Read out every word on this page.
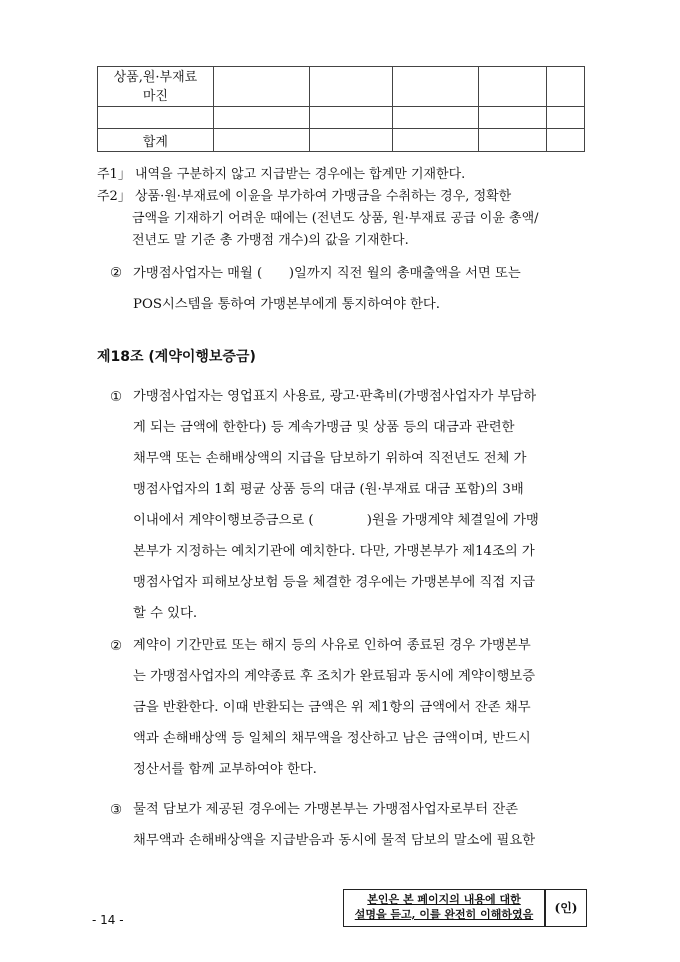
상품,원·부재료
마진					

합계					
주1」 내역을 구분하지 않고 지급받는 경우에는 합계만 기재한다.
주2」 상품·원·부재료에 이윤을 부가하여 가맹금을 수취하는 경우, 정확한
금액을 기재하기 어려운 때에는 (전년도 상품, 원·부재료 공급 이윤 총액/
전년도 말 기준 총 가맹점 개수)의 값을 기재한다.
② 가맹점사업자는 매월 (　　)일까지 직전 월의 총매출액을 서면 또는
POS시스템을 통하여 가맹본부에게 통지하여야 한다.
제18조 (계약이행보증금)
① 가맹점사업자는 영업표지 사용료, 광고·판촉비(가맹점사업자가 부담하
게 되는 금액에 한한다) 등 계속가맹금 및 상품 등의 대금과 관련한
채무액 또는 손해배상액의 지급을 담보하기 위하여 직전년도 전체 가
맹점사업자의 1회 평균 상품 등의 대금 (원·부재료 대금 포함)의 3배
이내에서 계약이행보증금으로 (　　　　)원을 가맹계약 체결일에 가맹
본부가 지정하는 예치기관에 예치한다. 다만, 가맹본부가 제14조의 가
맹점사업자 피해보상보험 등을 체결한 경우에는 가맹본부에 직접 지급
할 수 있다.
② 계약이 기간만료 또는 해지 등의 사유로 인하여 종료된 경우 가맹본부
는 가맹점사업자의 계약종료 후 조치가 완료됨과 동시에 계약이행보증
금을 반환한다. 이때 반환되는 금액은 위 제1항의 금액에서 잔존 채무
액과 손해배상액 등 일체의 채무액을 정산하고 남은 금액이며, 반드시
정산서를 함께 교부하여야 한다.
③ 물적 담보가 제공된 경우에는 가맹본부는 가맹점사업자로부터 잔존
채무액과 손해배상액을 지급받음과 동시에 물적 담보의 말소에 필요한
본인은 본 페이지의 내용에 대한
설명을 듣고, 이를 완전히 이해하였음	(인)
- 14 -
